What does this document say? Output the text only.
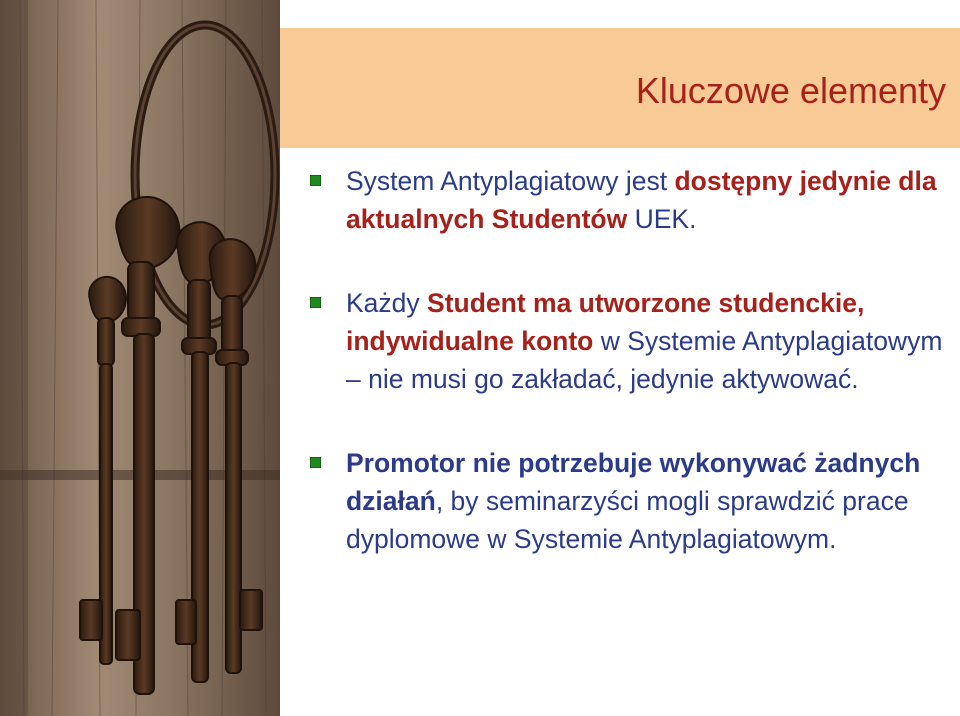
Kluczowe elementy
System Antyplagiatowy jest dostępny jedynie dla aktualnych Studentów UEK.
Każdy Student ma utworzone studenckie, indywidualne konto w Systemie Antyplagiatowym – nie musi go zakładać, jedynie aktywować.
Promotor nie potrzebuje wykonywać żadnych działań, by seminarzyści mogli sprawdzić prace dyplomowe w Systemie Antyplagiatowym.
